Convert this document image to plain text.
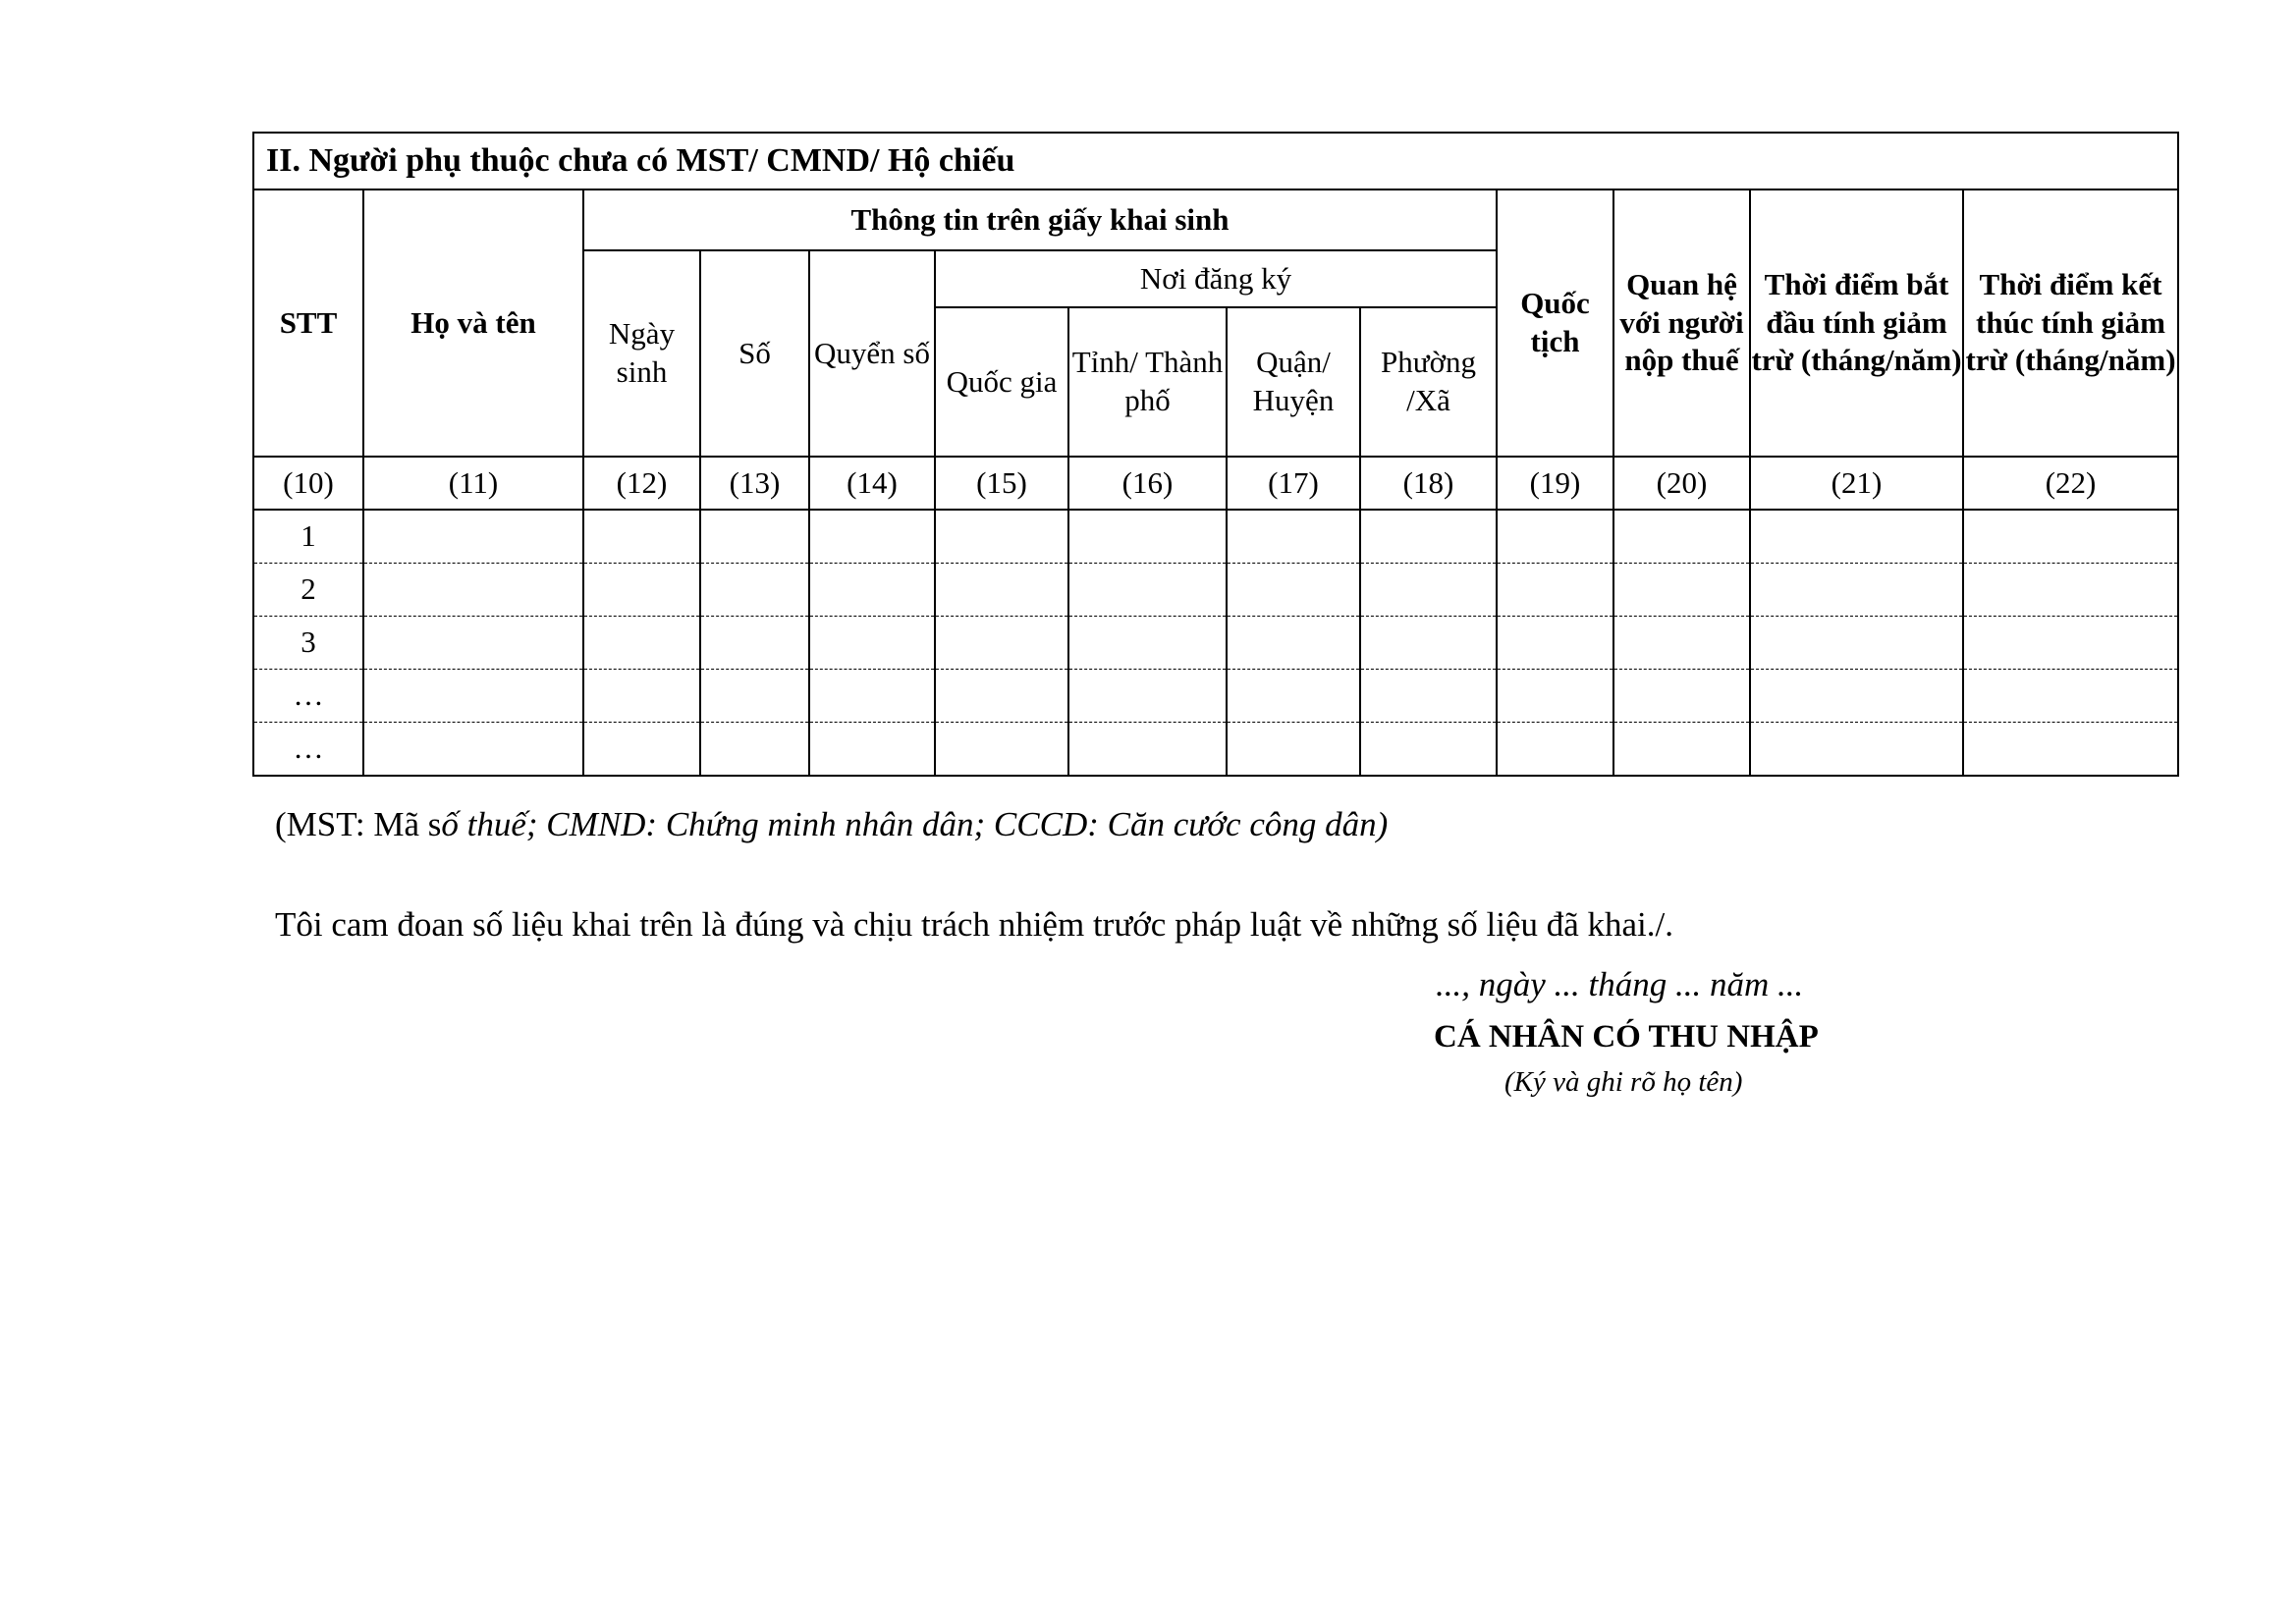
II. Người phụ thuộc chưa có MST/ CMND/ Hộ chiếu												
STT	Họ và tên	Thông tin trên giấy khai sinh							Quốc tịch	Quan hệ với người nộp thuế	Thời điểm bắt đầu tính giảm trừ (tháng/năm)	Thời điểm kết thúc tính giảm trừ (tháng/năm)
		Ngày sinh	Số	Quyển số	Nơi đăng ký							
					Quốc gia	Tỉnh/ Thành phố	Quận/ Huyện	Phường /Xã				
(10)	(11)	(12)	(13)	(14)	(15)	(16)	(17)	(18)	(19)	(20)	(21)	(22)
1												
2												
3												
…												
…												
(MST: Mã số thuế; CMND: Chứng minh nhân dân; CCCD: Căn cước công dân)
Tôi cam đoan số liệu khai trên là đúng và chịu trách nhiệm trước pháp luật về những số liệu đã khai./.
..., ngày ... tháng ... năm ...
CÁ NHÂN CÓ THU NHẬP
(Ký và ghi rõ họ tên)
